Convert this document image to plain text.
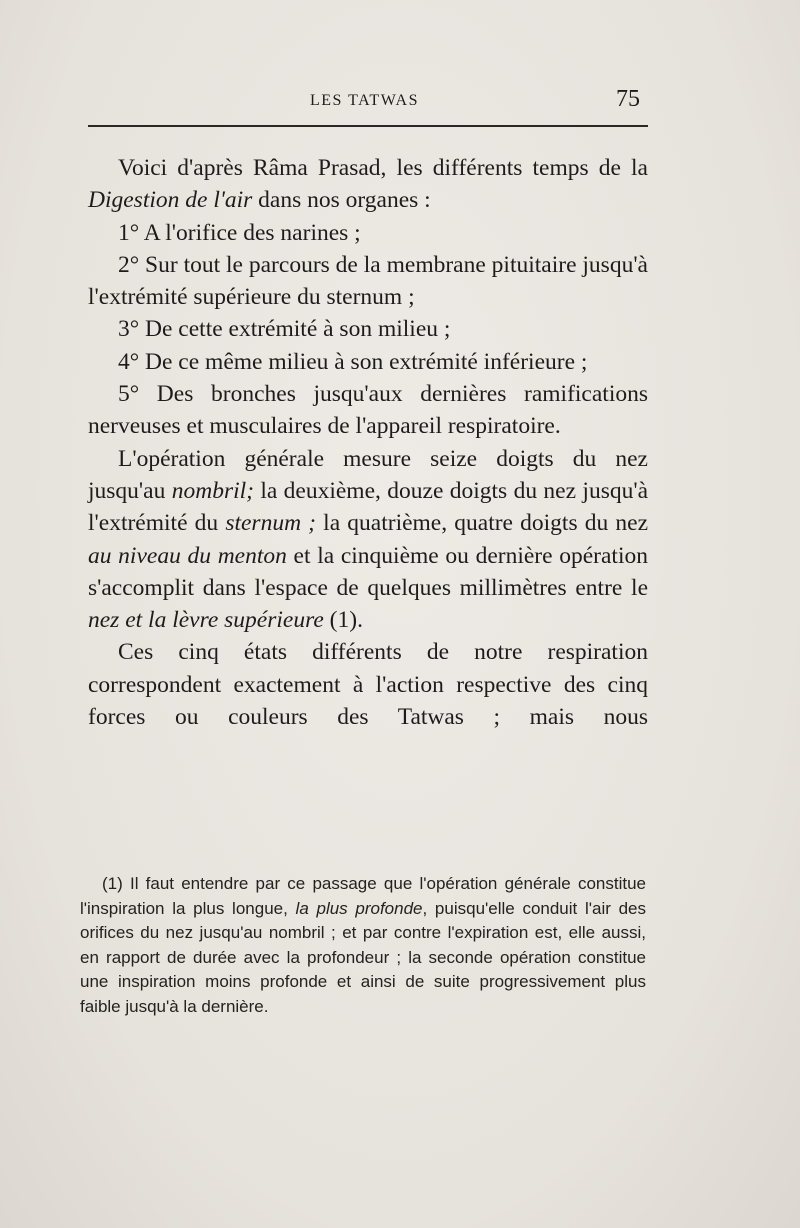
LES TATWAS	75

Voici d'après Râma Prasad, les différents temps de la Digestion de l'air dans nos organes :

1° A l'orifice des narines ;

2° Sur tout le parcours de la membrane pituitaire jusqu'à l'extrémité supérieure du sternum ;

3° De cette extrémité à son milieu ;

4° De ce même milieu à son extrémité inférieure ;

5° Des bronches jusqu'aux dernières ramifications nerveuses et musculaires de l'appareil respiratoire.

L'opération générale mesure seize doigts du nez jusqu'au nombril; la deuxième, douze doigts du nez jusqu'à l'extrémité du sternum ; la quatrième, quatre doigts du nez au niveau du menton et la cinquième ou dernière opération s'accomplit dans l'espace de quelques millimètres entre le nez et la lèvre supérieure (1).

Ces cinq états différents de notre respiration correspondent exactement à l'action respective des cinq forces ou couleurs des Tatwas ; mais nous

(1) Il faut entendre par ce passage que l'opération générale constitue l'inspiration la plus longue, la plus profonde, puisqu'elle conduit l'air des orifices du nez jusqu'au nombril ; et par contre l'expiration est, elle aussi, en rapport de durée avec la profondeur ; la seconde opération constitue une inspiration moins profonde et ainsi de suite progressivement plus faible jusqu'à la dernière.
